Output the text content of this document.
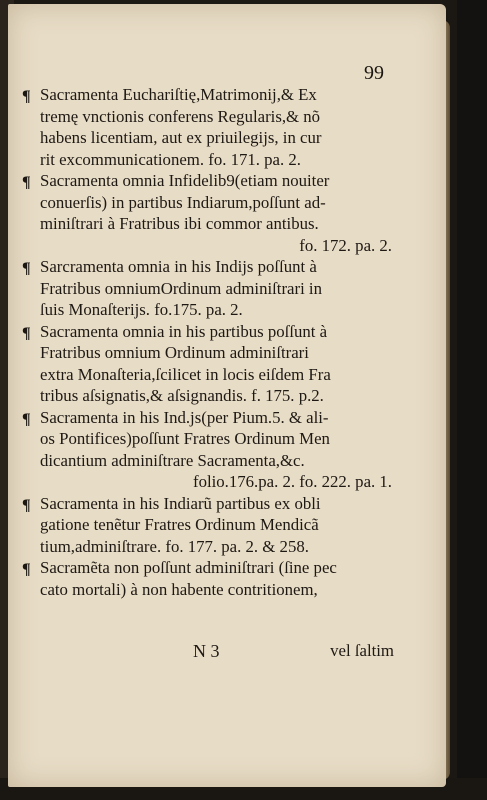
99
¶ Sacramenta Euchariſtię,Matrimonij,& Ex
tremę vnctionis conferens Regularis,& nõ
habens licentiam, aut ex priuilegijs, in cur
rit excommunicationem. fo. 171. pa. 2.
¶ Sacramenta omnia Infidelib9(etiam nouiter
conuerſis) in partibus Indiarum,poſſunt ad-
miniſtrari à Fratribus ibi commor antibus.
fo. 172. pa. 2.
¶ Sarcramenta omnia in his Indijs poſſunt à
Fratribus omniumOrdinum adminiſtrari in
ſuis Monaſterijs. fo.175. pa. 2.
¶ Sacramenta omnia in his partibus poſſunt à
Fratribus omnium Ordinum adminiſtrari
extra Monaſteria,ſcilicet in locis eiſdem Fra
tribus aſsignatis,& aſsignandis. f. 175. p.2.
¶ Sacramenta in his Ind.js(per Pium.5. & ali-
os Pontifices)poſſunt Fratres Ordinum Men
dicantium adminiſtrare Sacramenta,&c.
folio.176.pa. 2. fo. 222. pa. 1.
¶ Sacramenta in his Indiarũ partibus ex obli
gatione tenẽtur Fratres Ordinum Mendicã
tium,adminiſtrare. fo. 177. pa. 2. & 258.
¶ Sacramẽta non poſſunt adminiſtrari (ſine pec
cato mortali) à non habente contritionem,
N 3	vel ſaltim
